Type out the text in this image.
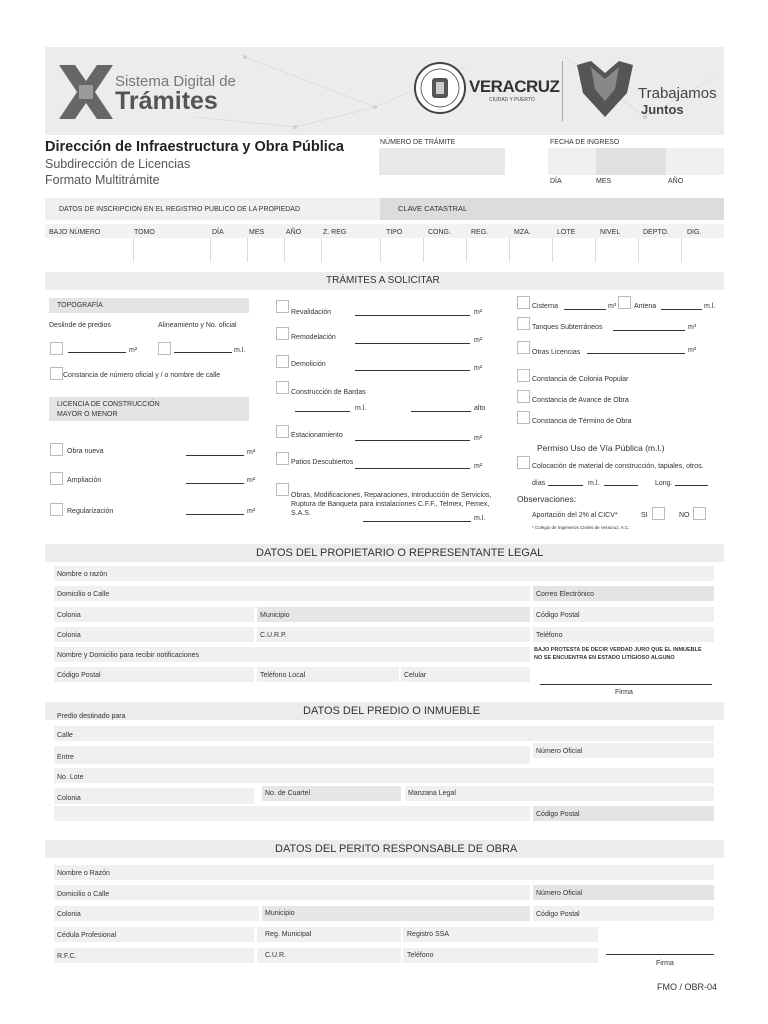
Sistema Digital de
Trámites
VERACRUZ
CIUDAD Y PUERTO	Trabajamos
Juntos
Dirección de Infraestructura y Obra Pública
Subdirección de Licencias
Formato Multitrámite
NÚMERO DE TRÁMITE	FECHA DE INGRESO
DÍA	MES	AÑO
DATOS DE INSCRIPCION EN EL REGISTRO PUBLICO DE LA PROPIEDAD	CLAVE CATASTRAL
BAJO NÚMERO	TOMO	DÍA	MES	AÑO	Z. REG	TIPO	CONG.	REG.	MZA.	LOTE	NIVEL	DEPTO.	DIG.
TRÁMITES A SOLICITAR
TOPOGRAFÍA
Deslinde de predios	Alineamiento y No. oficial
m²	m.l.
Constancia de número oficial y / o nombre de calle
LICENCIA DE CONSTRUCCIÓN
MAYOR O MENOR
Obra nueva	m²
Ampliación	m²
Regularización	m²
Revalidación	m²
Remodelación	m²
Demolición
m²
Construcción de Bardas
m.l.	alto
Estacionamiento	m²
Patios Descubiertos
m²
Obras, Modificaciones, Reparaciones, Introducción de Servicios,
Ruptura de Banqueta para instalaciones C.F.F., Telmex, Pemex,
S.A.S.
m.l.
Cisterna	m³	Antena	m.l.
Tanques Subterráneos	m³
Otras Licencias	m²
Constancia de Colonia Popular
Constancia de Avance de Obra
Constancia de Término de Obra
Permiso Uso de Vía Pública (m.l.)
Colocación de material de construcción, tapiales, otros.
días	m.l.	Long.
Observaciones:
Aportación del 2% al CICV*	SI	NO
* Colegio de Ingenieros Civiles de Veracruz, A.C.
DATOS DEL PROPIETARIO O REPRESENTANTE LEGAL
Nombre o razón
Domicilio o Calle	Correo Electrónico
Colonia	Municipio	Código Postal
Colonia	C.U.R.P.	Teléfono
Nombre y Domicilio para recibir notificaciones
BAJO PROTESTA DE DECIR VERDAD JURO QUE EL INMUEBLE
NO SE ENCUENTRA EN ESTADO LITIGIOSO ALGUNO
Código Postal	Teléfono Local	Celular
Firma
Predio destinado para	DATOS DEL PREDIO O INMUEBLE
Calle
Entre
Número Oficial
No. Lote
Colonia
No. de Cuartel	Manzana Legal
Código Postal
DATOS DEL PERITO RESPONSABLE DE OBRA
Nombre o Razón
Domicilio o Calle	Número Oficial
Colonia	Municipio	Código Postal
Cédula Profesional	Reg. Municipal	Registro SSA
R.F.C.	C.U.R.	Teléfono
Firma
FMO / OBR-04
